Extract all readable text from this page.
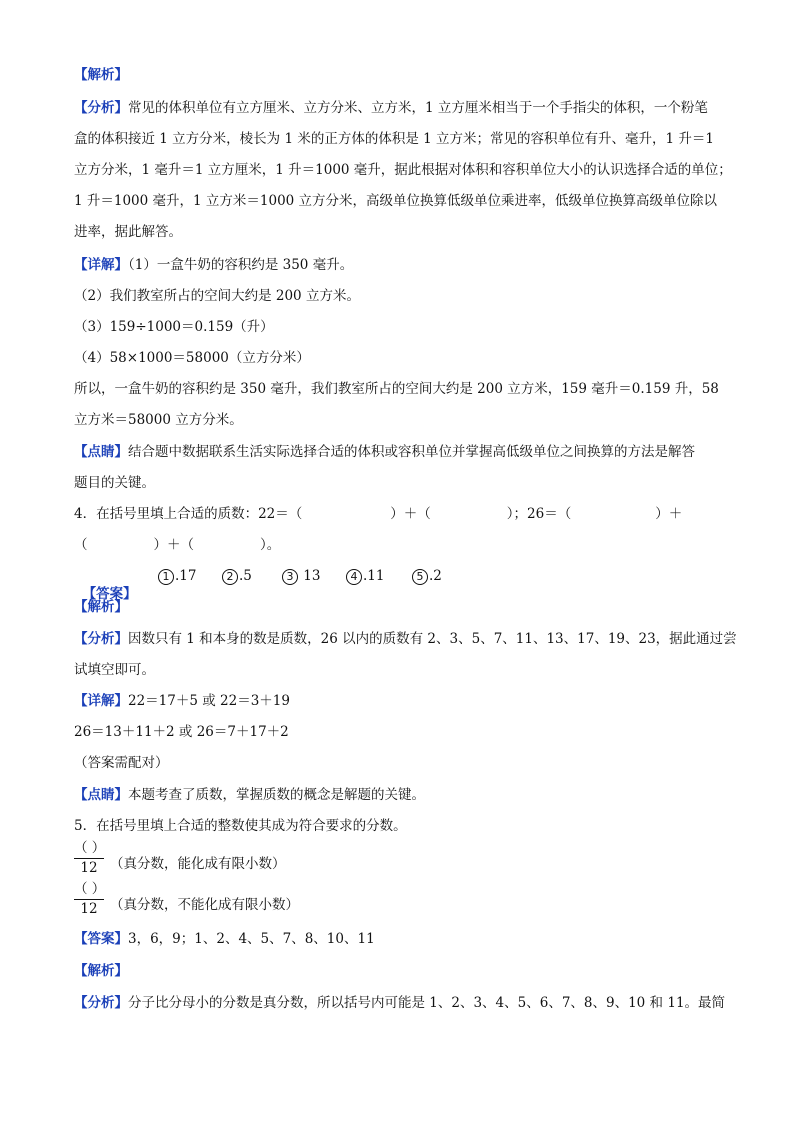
【解析】
【分析】常见的体积单位有立方厘米、立方分米、立方米，1 立方厘米相当于一个手指尖的体积，一个粉笔
盒的体积接近 1 立方分米，棱长为 1 米的正方体的体积是 1 立方米；常见的容积单位有升、毫升，1 升＝1
立方分米，1 毫升＝1 立方厘米，1 升＝1000 毫升，据此根据对体积和容积单位大小的认识选择合适的单位；
1 升＝1000 毫升，1 立方米＝1000 立方分米，高级单位换算低级单位乘进率，低级单位换算高级单位除以
进率，据此解答。
【详解】（1）一盒牛奶的容积约是 350 毫升。
（2）我们教室所占的空间大约是 200 立方米。
（3）159÷1000＝0.159（升）
（4）58×1000＝58000（立方分米）
所以，一盒牛奶的容积约是 350 毫升，我们教室所占的空间大约是 200 立方米，159 毫升＝0.159 升，58
立方米＝58000 立方分米。
【点睛】结合题中数据联系生活实际选择合适的体积或容积单位并掌握高低级单位之间换算的方法是解答
题目的关键。
4．在括号里填上合适的质数：22＝（	）＋（	）；26＝（	）＋
（	）＋（	）。

【答案】

1 .17

	2 .5

	3 13

	4 .11

	5 .2

【解析】
【分析】因数只有 1 和本身的数是质数，26 以内的质数有 2、3、5、7、11、13、17、19、23，据此通过尝
试填空即可。
【详解】22＝17＋5 或 22＝3＋19
26＝13＋11＋2 或 26＝7＋17＋2
（答案需配对）
【点睛】本题考查了质数，掌握质数的概念是解题的关键。
5．在括号里填上合适的整数使其成为符合要求的分数。
（ ）
12 （真分数，能化成有限小数）
（ ）
12 （真分数，不能化成有限小数）
【答案】3，6，9；1、2、4、5、7、8、10、11
【解析】
【分析】分子比分母小的分数是真分数，所以括号内可能是 1、2、3、4、5、6、7、8、9、10 和 11。最简
